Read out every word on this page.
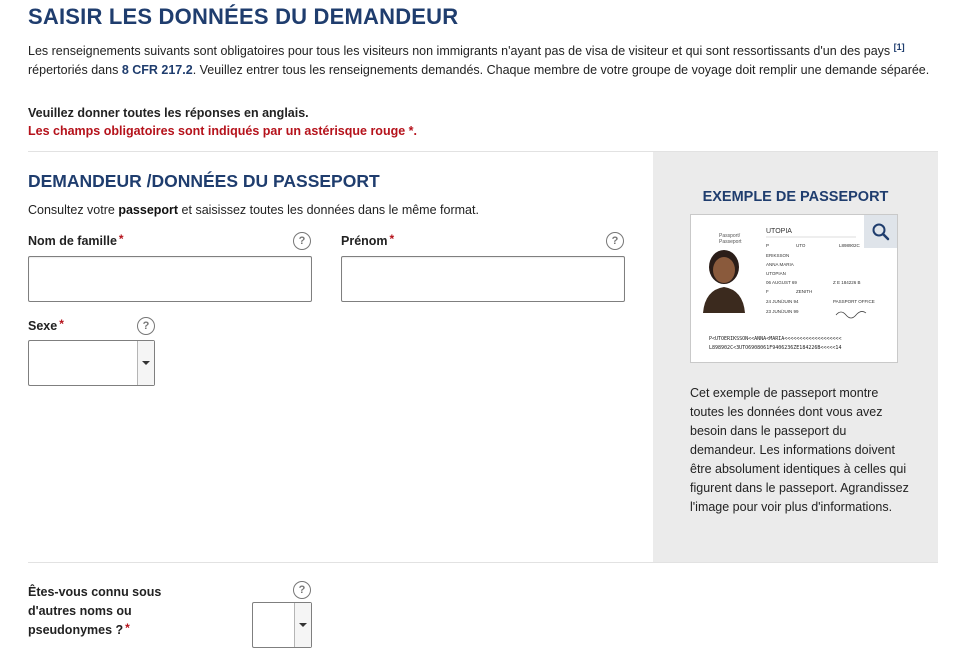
SAISIR LES DONNÉES DU DEMANDEUR
Les renseignements suivants sont obligatoires pour tous les visiteurs non immigrants n'ayant pas de visa de visiteur et qui sont ressortissants d'un des pays [1] répertoriés dans 8 CFR 217.2. Veuillez entrer tous les renseignements demandés. Chaque membre de votre groupe de voyage doit remplir une demande séparée.
Veuillez donner toutes les réponses en anglais.
Les champs obligatoires sont indiqués par un astérisque rouge *.
DEMANDEUR /DONNÉES DU PASSEPORT
Consultez votre passeport et saisissez toutes les données dans le même format.
Nom de famille *	?	Prénom *	?
Sexe *	?
EXEMPLE DE PASSEPORT
Passport/
Passeport
UTOPIA
P	UTO	L898902C
ERIKSSON
ANNA MARIA
UTOPIAN
06 AUGUST 69	Z E 184226 B
F	ZENITH
24 JUN/JUIN 94	PASSPORT OFFICE
23 JUN/JUIN 99
P<UTOERIKSSON<<ANNA<MARIA<<<<<<<<<<<<<<<<<<<
L898902C<3UTO6908061F9406236ZE184226B<<<<<14
Cet exemple de passeport montre toutes les données dont vous avez besoin dans le passeport du demandeur. Les informations doivent être absolument identiques à celles qui figurent dans le passeport. Agrandissez l'image pour voir plus d'informations.
Êtes-vous connu sous d'autres noms ou pseudonymes ? *
?
